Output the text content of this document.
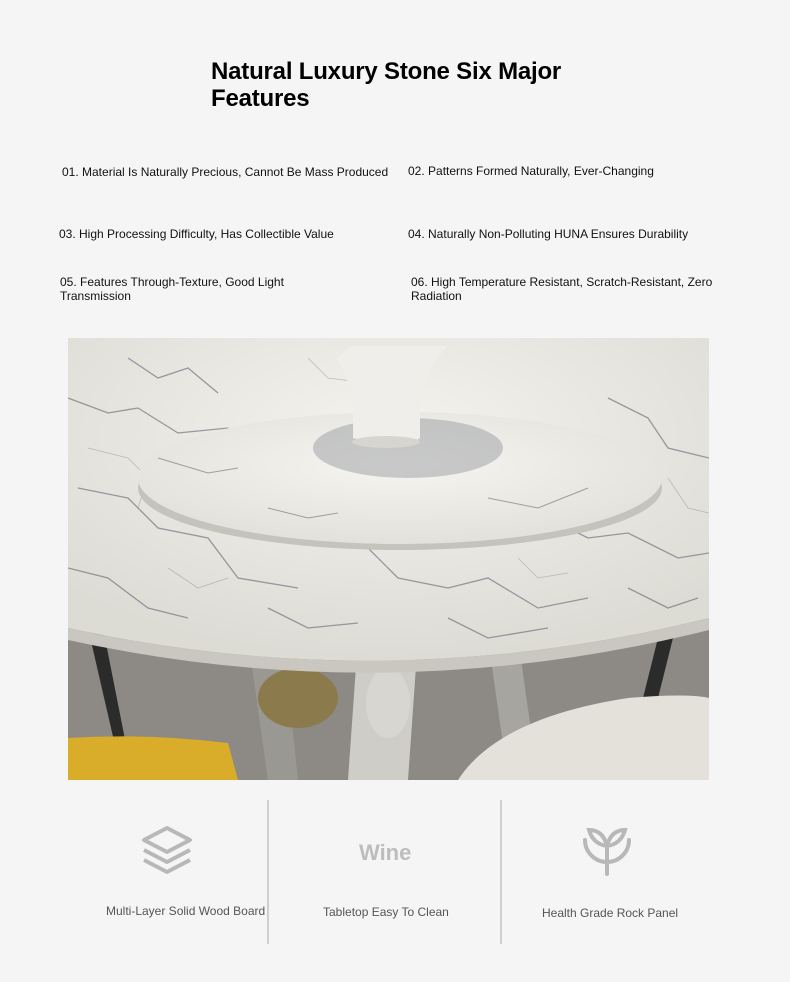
Natural Luxury Stone Six Major Features
01. Material Is Naturally Precious, Cannot Be Mass Produced	02. Patterns Formed Naturally, Ever-Changing
03. High Processing Difficulty, Has Collectible Value	04. Naturally Non-Polluting HUNA Ensures Durability
05. Features Through-Texture, Good Light Transmission
06. High Temperature Resistant, Scratch-Resistant, Zero Radiation
Wine
Multi-Layer Solid Wood Board	Tabletop Easy To Clean	Health Grade Rock Panel
